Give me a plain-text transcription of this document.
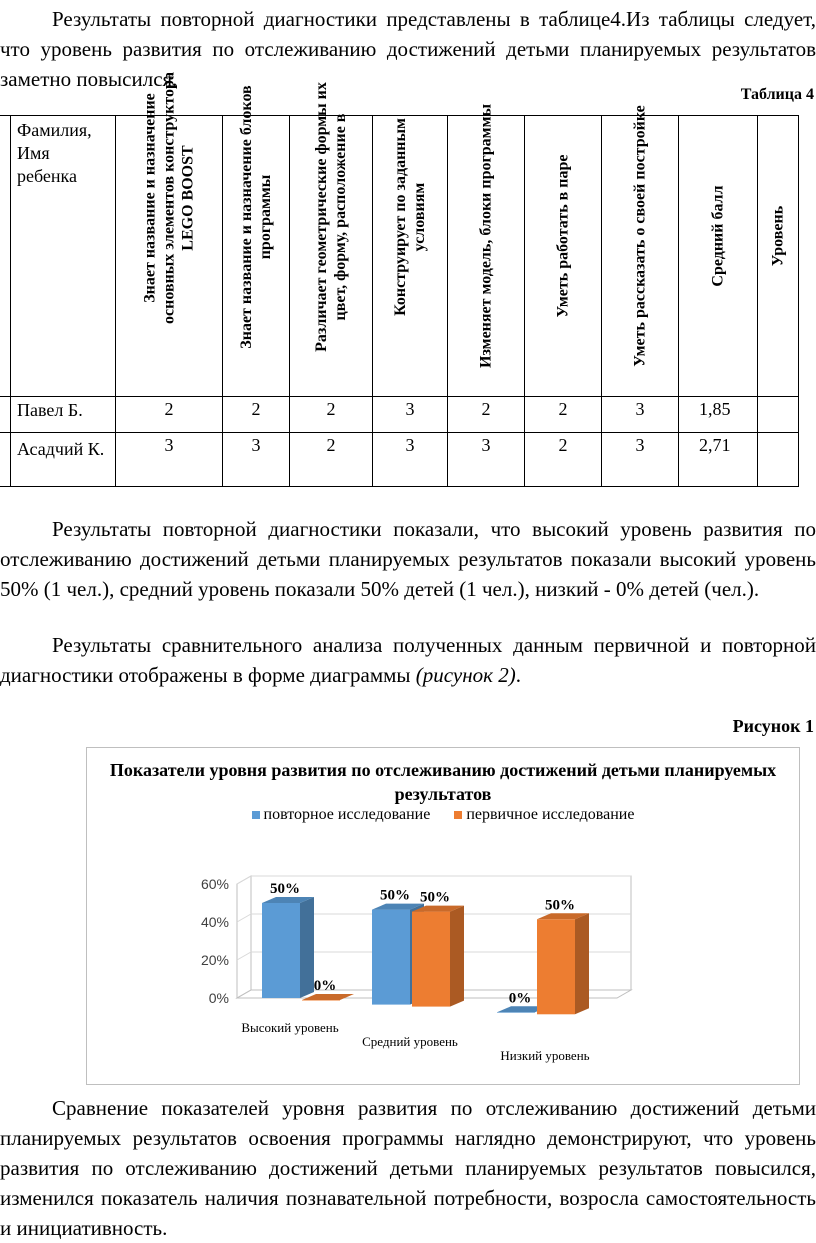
Результаты повторной диагностики представлены в таблице4.Из таблицы следует, что уровень развития по отслеживанию достижений детьми планируемых результатов заметно повысился.

Таблица 4
	Фамилия, Имя ребенка	Знает название и назначение основных элементов конструктора LEGO BOOST	Знает название и назначение блоков программы	Различает геометрические формы их цвет, форму, расположение в	Конструирует по заданным условиям	Изменяет модель, блоки программы	Уметь работать в паре	Уметь рассказать о своей постройке	Средний балл	Уровень

	Павел Б.	2	2	2	3	2	2	3	1,85	
	Асадчий К.	3	3	2	3	3	2	3	2,71	

Результаты повторной диагностики показали, что высокий уровень развития по отслеживанию достижений детьми планируемых результатов показали высокий уровень 50% (1 чел.), средний уровень показали 50% детей (1 чел.), низкий - 0% детей (чел.).

Результаты сравнительного анализа полученных данным первичной и повторной диагностики отображены в форме диаграммы (рисунок 2).

Рисунок 1
Показатели уровня развития по отслеживанию достижений детьми планируемых результатов
повторное исследование первичное исследование
0%
20%
40%
60%	50%
0%
Высокий уровень
50% 50%
Средний уровень
0%
50%
Низкий уровень

Сравнение показателей уровня развития по отслеживанию достижений детьми планируемых результатов освоения программы наглядно демонстрируют, что уровень развития по отслеживанию достижений детьми планируемых результатов повысился, изменился показатель наличия познавательной потребности, возросла самостоятельность и инициативность.
